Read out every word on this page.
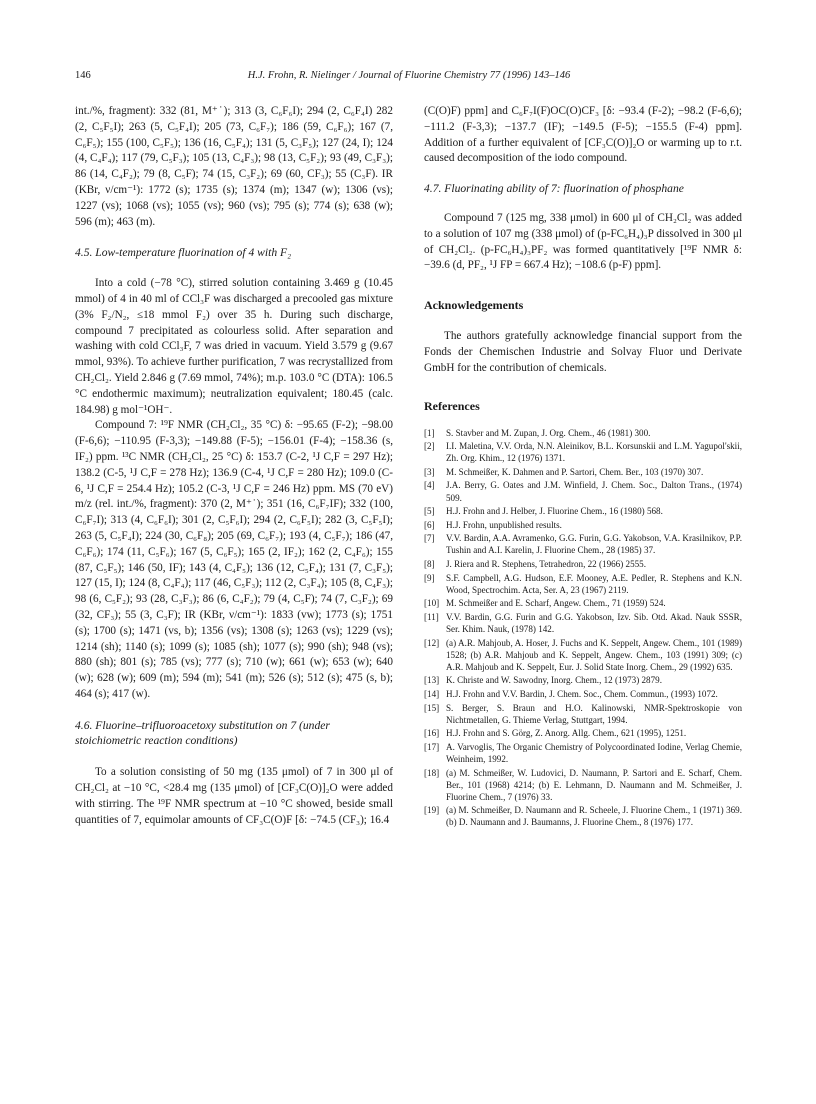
146	H.J. Frohn, R. Nielinger / Journal of Fluorine Chemistry 77 (1996) 143–146

int./%, fragment): 332 (81, M⁺˙); 313 (3, C₆F₆I); 294 (2, C₆F₄I) 282 (2, C₅F₅I); 263 (5, C₅F₄I); 205 (73, C₆F₇); 186 (59, C₆F₆); 167 (7, C₆F₅); 155 (100, C₅F₅); 136 (16, C₅F₄); 131 (5, C₃F₅); 127 (24, I); 124 (4, C₄F₄); 117 (79, C₅F₃); 105 (13, C₄F₃); 98 (13, C₅F₂); 93 (49, C₃F₃); 86 (14, C₄F₂); 79 (8, C₅F); 74 (15, C₃F₂); 69 (60, CF₃); 55 (C₃F). IR (KBr, ν/cm⁻¹): 1772 (s); 1735 (s); 1374 (m); 1347 (w); 1306 (vs); 1227 (vs); 1068 (vs); 1055 (vs); 960 (vs); 795 (s); 774 (s); 638 (w); 596 (m); 463 (m).

4.5. Low-temperature fluorination of 4 with F₂

Into a cold (−78 °C), stirred solution containing 3.469 g (10.45 mmol) of 4 in 40 ml of CCl₃F was discharged a precooled gas mixture (3% F₂/N₂, ≤18 mmol F₂) over 35 h. During such discharge, compound 7 precipitated as colourless solid. After separation and washing with cold CCl₃F, 7 was dried in vacuum. Yield 3.579 g (9.67 mmol, 93%). To achieve further purification, 7 was recrystallized from CH₂Cl₂. Yield 2.846 g (7.69 mmol, 74%); m.p. 103.0 °C (DTA): 106.5 °C endothermic maximum); neutralization equivalent; 180.45 (calc. 184.98) g mol⁻¹OH⁻.

Compound 7: ¹⁹F NMR (CH₂Cl₂, 35 °C) δ: −95.65 (F-2); −98.00 (F-6,6); −110.95 (F-3,3); −149.88 (F-5); −156.01 (F-4); −158.36 (s, IF₂) ppm. ¹³C NMR (CH₂Cl₂, 25 °C) δ: 153.7 (C-2, ¹J C,F = 297 Hz); 138.2 (C-5, ¹J C,F = 278 Hz); 136.9 (C-4, ¹J C,F = 280 Hz); 109.0 (C-6, ¹J C,F = 254.4 Hz); 105.2 (C-3, ¹J C,F = 246 Hz) ppm. MS (70 eV) m/z (rel. int./%, fragment): 370 (2, M⁺˙); 351 (16, C₆F₇IF); 332 (100, C₆F₇I); 313 (4, C₆F₆I); 301 (2, C₅F₆I); 294 (2, C₆F₅I); 282 (3, C₅F₅I); 263 (5, C₅F₄I); 224 (30, C₆F₈); 205 (69, C₆F₇); 193 (4, C₅F₇); 186 (47, C₆F₆); 174 (11, C₅F₆); 167 (5, C₆F₅); 165 (2, IF₂); 162 (2, C₄F₆); 155 (87, C₅F₅); 146 (50, IF); 143 (4, C₄F₅); 136 (12, C₅F₄); 131 (7, C₃F₅); 127 (15, I); 124 (8, C₄F₄); 117 (46, C₅F₃); 112 (2, C₃F₄); 105 (8, C₄F₃); 98 (6, C₅F₂); 93 (28, C₃F₃); 86 (6, C₄F₂); 79 (4, C₅F); 74 (7, C₃F₂); 69 (32, CF₃); 55 (3, C₃F); IR (KBr, ν/cm⁻¹): 1833 (vw); 1773 (s); 1751 (s); 1700 (s); 1471 (vs, b); 1356 (vs); 1308 (s); 1263 (vs); 1229 (vs); 1214 (sh); 1140 (s); 1099 (s); 1085 (sh); 1077 (s); 990 (sh); 948 (vs); 880 (sh); 801 (s); 785 (vs); 777 (s); 710 (w); 661 (w); 653 (w); 640 (w); 628 (w); 609 (m); 594 (m); 541 (m); 526 (s); 512 (s); 475 (s, b); 464 (s); 417 (w).

4.6. Fluorine–trifluoroacetoxy substitution on 7 (under stoichiometric reaction conditions)

To a solution consisting of 50 mg (135 μmol) of 7 in 300 μl of CH₂Cl₂ at −10 °C, <28.4 mg (135 μmol) of [CF₃C(O)]₂O were added with stirring. The ¹⁹F NMR spectrum at −10 °C showed, beside small quantities of 7, equimolar amounts of CF₃C(O)F [δ: −74.5 (CF₃); 16.4

(C(O)F) ppm] and C₆F₇I(F)OC(O)CF₃ [δ: −93.4 (F-2); −98.2 (F-6,6); −111.2 (F-3,3); −137.7 (IF); −149.5 (F-5); −155.5 (F-4) ppm]. Addition of a further equivalent of [CF₃C(O)]₂O or warming up to r.t. caused decomposition of the iodo compound.

4.7. Fluorinating ability of 7: fluorination of phosphane

Compound 7 (125 mg, 338 μmol) in 600 μl of CH₂Cl₂ was added to a solution of 107 mg (338 μmol) of (p-FC₆H₄)₃P dissolved in 300 μl of CH₂Cl₂. (p-FC₆H₄)₃PF₂ was formed quantitatively [¹⁹F NMR δ: −39.6 (d, PF₂, ¹J FP = 667.4 Hz); −108.6 (p-F) ppm].

Acknowledgements

The authors gratefully acknowledge financial support from the Fonds der Chemischen Industrie and Solvay Fluor und Derivate GmbH for the contribution of chemicals.

References
[1] S. Stavber and M. Zupan, J. Org. Chem., 46 (1981) 300.
[2] I.I. Maletina, V.V. Orda, N.N. Aleinikov, B.L. Korsunskii and L.M. Yagupol'skii, Zh. Org. Khim., 12 (1976) 1371.
[3] M. Schmeißer, K. Dahmen and P. Sartori, Chem. Ber., 103 (1970) 307.
[4] J.A. Berry, G. Oates and J.M. Winfield, J. Chem. Soc., Dalton Trans., (1974) 509.
[5] H.J. Frohn and J. Helber, J. Fluorine Chem., 16 (1980) 568.
[6] H.J. Frohn, unpublished results.
[7] V.V. Bardin, A.A. Avramenko, G.G. Furin, G.G. Yakobson, V.A. Krasilnikov, P.P. Tushin and A.I. Karelin, J. Fluorine Chem., 28 (1985) 37.
[8] J. Riera and R. Stephens, Tetrahedron, 22 (1966) 2555.
[9] S.F. Campbell, A.G. Hudson, E.F. Mooney, A.E. Pedler, R. Stephens and K.N. Wood, Spectrochim. Acta, Ser. A, 23 (1967) 2119.
[10] M. Schmeißer and E. Scharf, Angew. Chem., 71 (1959) 524.
[11] V.V. Bardin, G.G. Furin and G.G. Yakobson, Izv. Sib. Otd. Akad. Nauk SSSR, Ser. Khim. Nauk, (1978) 142.
[12] (a) A.R. Mahjoub, A. Hoser, J. Fuchs and K. Seppelt, Angew. Chem., 101 (1989) 1528; (b) A.R. Mahjoub and K. Seppelt, Angew. Chem., 103 (1991) 309; (c) A.R. Mahjoub and K. Seppelt, Eur. J. Solid State Inorg. Chem., 29 (1992) 635.
[13] K. Christe and W. Sawodny, Inorg. Chem., 12 (1973) 2879.
[14] H.J. Frohn and V.V. Bardin, J. Chem. Soc., Chem. Commun., (1993) 1072.
[15] S. Berger, S. Braun and H.O. Kalinowski, NMR-Spektroskopie von Nichtmetallen, G. Thieme Verlag, Stuttgart, 1994.
[16] H.J. Frohn and S. Görg, Z. Anorg. Allg. Chem., 621 (1995), 1251.
[17] A. Varvoglis, The Organic Chemistry of Polycoordinated Iodine, Verlag Chemie, Weinheim, 1992.
[18] (a) M. Schmeißer, W. Ludovici, D. Naumann, P. Sartori and E. Scharf, Chem. Ber., 101 (1968) 4214; (b) E. Lehmann, D. Naumann and M. Schmeißer, J. Fluorine Chem., 7 (1976) 33.
[19] (a) M. Schmeißer, D. Naumann and R. Scheele, J. Fluorine Chem., 1 (1971) 369. (b) D. Naumann and J. Baumanns, J. Fluorine Chem., 8 (1976) 177.
